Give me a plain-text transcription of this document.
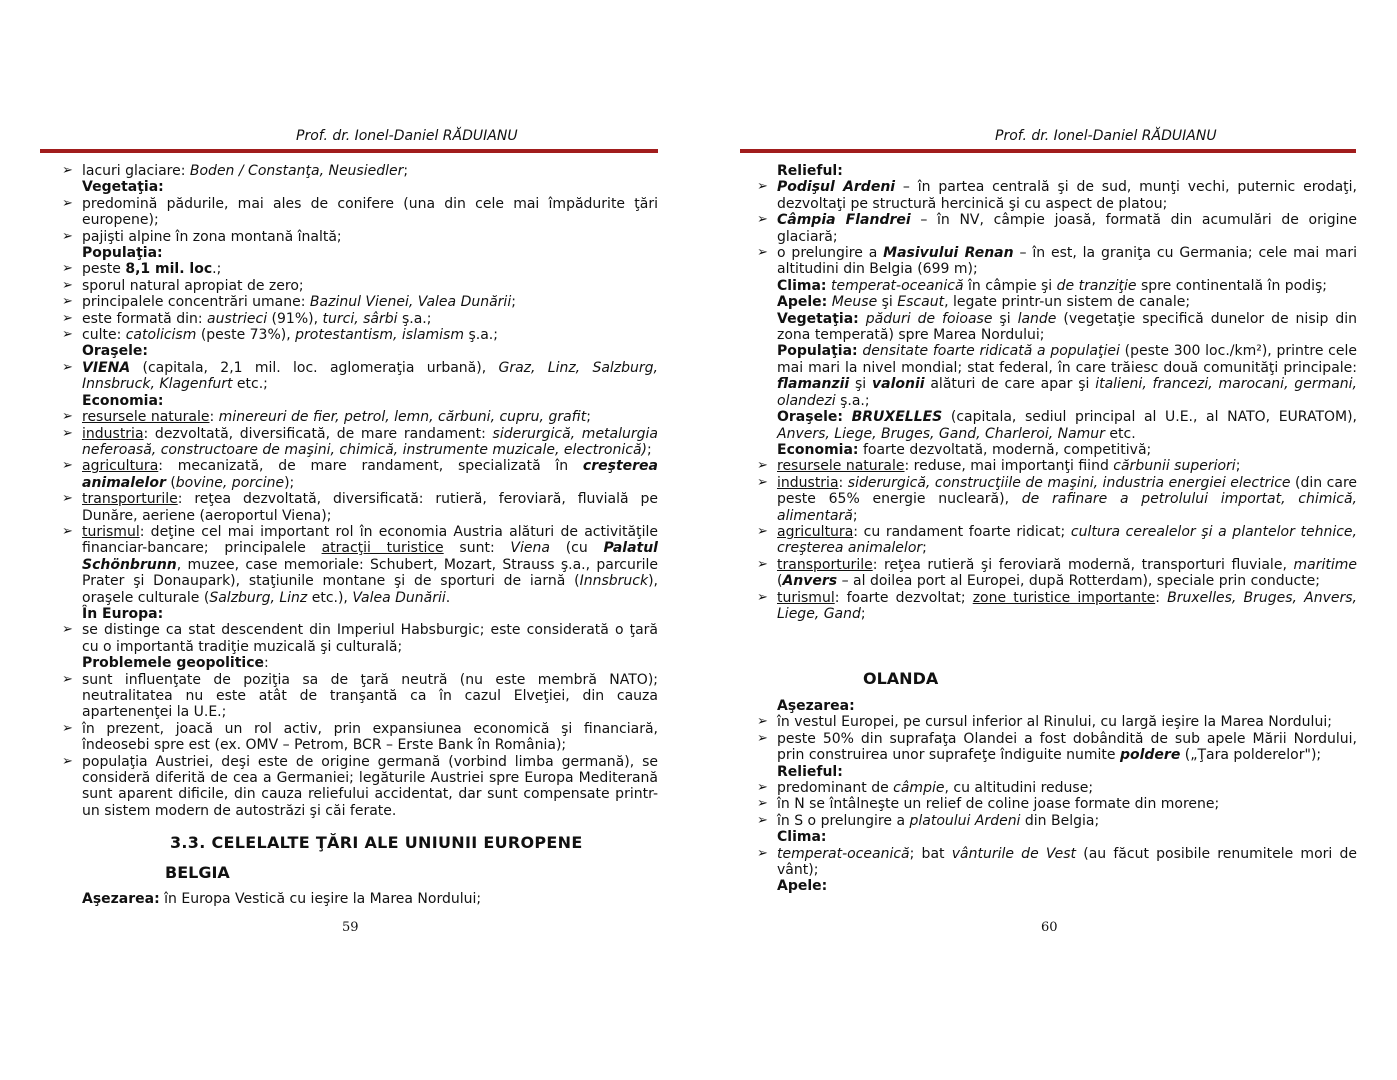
Prof. dr. Ionel-Daniel RĂDUIANU
➢ lacuri glaciare: Boden / Constanţa, Neusiedler;
Vegetaţia:
➢ predomină pădurile, mai ales de conifere (una din cele mai împădurite ţări europene);
➢ pajişti alpine în zona montană înaltă;
Populaţia:
➢ peste 8,1 mil. loc.;
➢ sporul natural apropiat de zero;
➢ principalele concentrări umane: Bazinul Vienei, Valea Dunării;
➢ este formată din: austrieci (91%), turci, sârbi ş.a.;
➢ culte: catolicism (peste 73%), protestantism, islamism ş.a.;
Oraşele:
➢ VIENA (capitala, 2,1 mil. loc. aglomeraţia urbană), Graz, Linz, Salzburg, Innsbruck, Klagenfurt etc.;
Economia:
➢ resursele naturale: minereuri de fier, petrol, lemn, cărbuni, cupru, grafit;
➢ industria: dezvoltată, diversificată, de mare randament: siderurgică, metalurgia neferoasă, constructoare de maşini, chimică, instrumente muzicale, electronică);
➢ agricultura: mecanizată, de mare randament, specializată în creşterea animalelor (bovine, porcine);
➢ transporturile: reţea dezvoltată, diversificată: rutieră, feroviară, fluvială pe Dunăre, aeriene (aeroportul Viena);
➢ turismul: deţine cel mai important rol în economia Austria alături de activităţile financiar-bancare; principalele atracţii turistice sunt: Viena (cu Palatul Schönbrunn, muzee, case memoriale: Schubert, Mozart, Strauss ş.a., parcurile Prater şi Donaupark), staţiunile montane şi de sporturi de iarnă (Innsbruck), oraşele culturale (Salzburg, Linz etc.), Valea Dunării.
În Europa:
➢ se distinge ca stat descendent din Imperiul Habsburgic; este considerată o ţară cu o importantă tradiţie muzicală şi culturală;
Problemele geopolitice:
➢ sunt influenţate de poziţia sa de ţară neutră (nu este membră NATO); neutralitatea nu este atât de tranşantă ca în cazul Elveţiei, din cauza apartenenţei la U.E.;
➢ în prezent, joacă un rol activ, prin expansiunea economică şi financiară, îndeosebi spre est (ex. OMV – Petrom, BCR – Erste Bank în România);
➢ populaţia Austriei, deşi este de origine germană (vorbind limba germană), se consideră diferită de cea a Germaniei; legăturile Austriei spre Europa Mediterană sunt aparent dificile, din cauza reliefului accidentat, dar sunt compensate printr-un sistem modern de autostrăzi şi căi ferate.
3.3. CELELALTE ŢĂRI ALE UNIUNII EUROPENE
BELGIA
Aşezarea: în Europa Vestică cu ieşire la Marea Nordului;
59
Prof. dr. Ionel-Daniel RĂDUIANU
Relieful:
➢ Podişul Ardeni – în partea centrală şi de sud, munţi vechi, puternic erodaţi, dezvoltaţi pe structură hercinică şi cu aspect de platou;
➢ Câmpia Flandrei – în NV, câmpie joasă, formată din acumulări de origine glaciară;
➢ o prelungire a Masivului Renan – în est, la graniţa cu Germania; cele mai mari altitudini din Belgia (699 m);
Clima: temperat-oceanică în câmpie şi de tranziţie spre continentală în podiş;
Apele: Meuse şi Escaut, legate printr-un sistem de canale;
Vegetaţia: păduri de foioase şi lande (vegetaţie specifică dunelor de nisip din zona temperată) spre Marea Nordului;
Populaţia: densitate foarte ridicată a populaţiei (peste 300 loc./km²), printre cele mai mari la nivel mondial; stat federal, în care trăiesc două comunităţi principale: flamanzii şi valonii alături de care apar şi italieni, francezi, marocani, germani, olandezi ş.a.;
Oraşele: BRUXELLES (capitala, sediul principal al U.E., al NATO, EURATOM), Anvers, Liege, Bruges, Gand, Charleroi, Namur etc.
Economia: foarte dezvoltată, modernă, competitivă;
➢ resursele naturale: reduse, mai importanţi fiind cărbunii superiori;
➢ industria: siderurgică, construcţiile de maşini, industria energiei electrice (din care peste 65% energie nucleară), de rafinare a petrolului importat, chimică, alimentară;
➢ agricultura: cu randament foarte ridicat; cultura cerealelor şi a plantelor tehnice, creşterea animalelor;
➢ transporturile: reţea rutieră şi feroviară modernă, transporturi fluviale, maritime (Anvers – al doilea port al Europei, după Rotterdam), speciale prin conducte;
➢ turismul: foarte dezvoltat; zone turistice importante: Bruxelles, Bruges, Anvers, Liege, Gand;
OLANDA
Aşezarea:
➢ în vestul Europei, pe cursul inferior al Rinului, cu largă ieşire la Marea Nordului;
➢ peste 50% din suprafaţa Olandei a fost dobândită de sub apele Mării Nordului, prin construirea unor suprafeţe îndiguite numite poldere („Ţara polderelor");
Relieful:
➢ predominant de câmpie, cu altitudini reduse;
➢ în N se întâlneşte un relief de coline joase formate din morene;
➢ în S o prelungire a platoului Ardeni din Belgia;
Clima:
➢ temperat-oceanică; bat vânturile de Vest (au făcut posibile renumitele mori de vânt);
Apele:
60
